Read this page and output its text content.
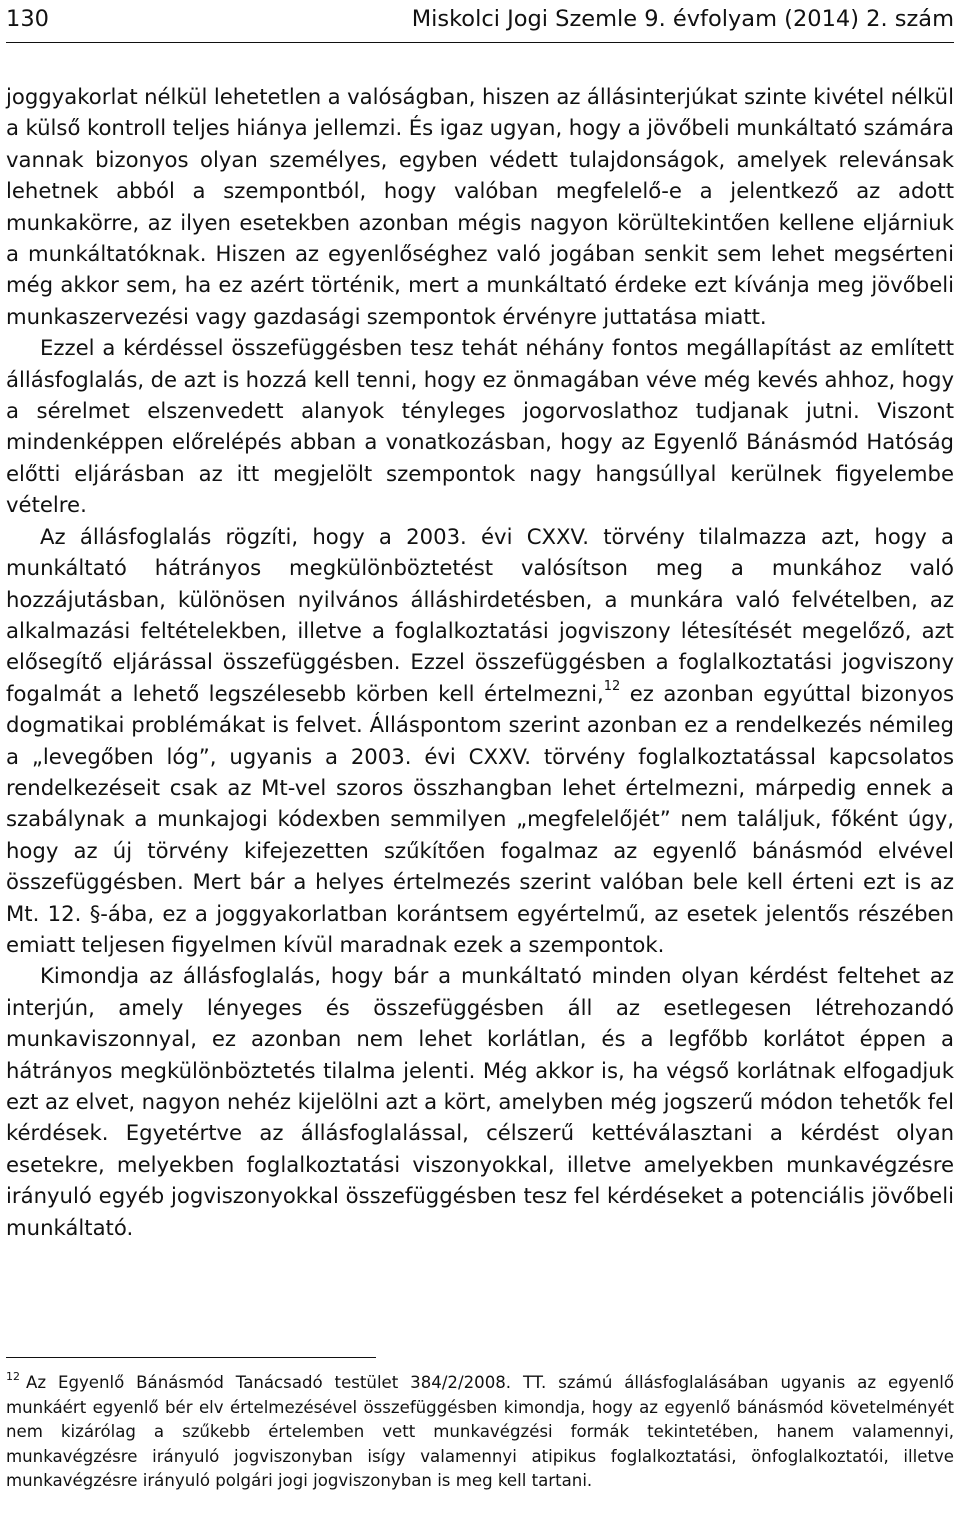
130	Miskolci Jogi Szemle 9. évfolyam (2014) 2. szám

joggyakorlat nélkül lehetetlen a valóságban, hiszen az állásinterjúkat szinte kivétel nélkül a külső kontroll teljes hiánya jellemzi. És igaz ugyan, hogy a jövőbeli munkáltató számára vannak bizonyos olyan személyes, egyben védett tulajdonságok, amelyek relevánsak lehetnek abból a szempontból, hogy valóban megfelelő-e a jelentkező az adott munkakörre, az ilyen esetekben azonban mégis nagyon körültekintően kellene eljárniuk a munkáltatóknak. Hiszen az egyenlőséghez való jogában senkit sem lehet megsérteni még akkor sem, ha ez azért történik, mert a munkáltató érdeke ezt kívánja meg jövőbeli munkaszervezési vagy gazdasági szempontok érvényre juttatása miatt.

Ezzel a kérdéssel összefüggésben tesz tehát néhány fontos megállapítást az említett állásfoglalás, de azt is hozzá kell tenni, hogy ez önmagában véve még kevés ahhoz, hogy a sérelmet elszenvedett alanyok tényleges jogorvoslathoz tudjanak jutni. Viszont mindenképpen előrelépés abban a vonatkozásban, hogy az Egyenlő Bánásmód Hatóság előtti eljárásban az itt megjelölt szempontok nagy hangsúllyal kerülnek figyelembe vételre.

Az állásfoglalás rögzíti, hogy a 2003. évi CXXV. törvény tilalmazza azt, hogy a munkáltató hátrányos megkülönböztetést valósítson meg a munkához való hozzájutásban, különösen nyilvános álláshirdetésben, a munkára való felvételben, az alkalmazási feltételekben, illetve a foglalkoztatási jogviszony létesítését megelőző, azt elősegítő eljárással összefüggésben. Ezzel összefüggésben a foglalkoztatási jogviszony fogalmát a lehető legszélesebb körben kell értelmezni,$^{12}$ ez azonban egyúttal bizonyos dogmatikai problémákat is felvet. Álláspontom szerint azonban ez a rendelkezés némileg a „levegőben lóg”, ugyanis a 2003. évi CXXV. törvény foglalkoztatással kapcsolatos rendelkezéseit csak az Mt-vel szoros összhangban lehet értelmezni, márpedig ennek a szabálynak a munkajogi kódexben semmilyen „megfelelőjét” nem találjuk, főként úgy, hogy az új törvény kifejezetten szűkítően fogalmaz az egyenlő bánásmód elvével összefüggésben. Mert bár a helyes értelmezés szerint valóban bele kell érteni ezt is az Mt. 12. §-ába, ez a joggyakorlatban korántsem egyértelmű, az esetek jelentős részében emiatt teljesen figyelmen kívül maradnak ezek a szempontok.

Kimondja az állásfoglalás, hogy bár a munkáltató minden olyan kérdést feltehet az interjún, amely lényeges és összefüggésben áll az esetlegesen létrehozandó munkaviszonnyal, ez azonban nem lehet korlátlan, és a legfőbb korlátot éppen a hátrányos megkülönböztetés tilalma jelenti. Még akkor is, ha végső korlátnak elfogadjuk ezt az elvet, nagyon nehéz kijelölni azt a kört, amelyben még jogszerű módon tehetők fel kérdések. Egyetértve az állásfoglalással, célszerű kettéválasztani a kérdést olyan esetekre, melyekben foglalkoztatási viszonyokkal, illetve amelyekben munkavégzésre irányuló egyéb jogviszonyokkal összefüggésben tesz fel kérdéseket a potenciális jövőbeli munkáltató.

$^{12}$ Az Egyenlő Bánásmód Tanácsadó testület 384/2/2008. TT. számú állásfoglalásában ugyanis az egyenlő munkáért egyenlő bér elv értelmezésével összefüggésben kimondja, hogy az egyenlő bánásmód követelményét nem kizárólag a szűkebb értelemben vett munkavégzési formák tekintetében, hanem valamennyi, munkavégzésre irányuló jogviszonyban isígy valamennyi atipikus foglalkoztatási, önfoglalkoztatói, illetve munkavégzésre irányuló polgári jogi jogviszonyban is meg kell tartani.
